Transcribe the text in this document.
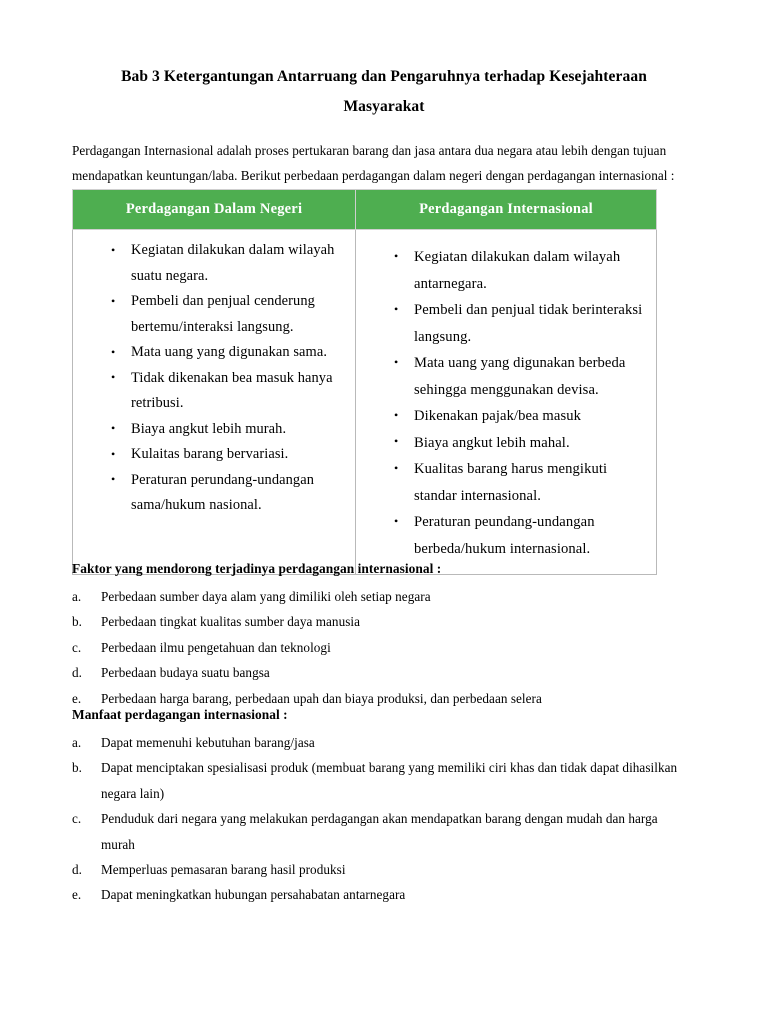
Bab 3 Ketergantungan Antarruang dan Pengaruhnya terhadap Kesejahteraan Masyarakat

Perdagangan Internasional adalah proses pertukaran barang dan jasa antara dua negara atau lebih dengan tujuan mendapatkan keuntungan/laba. Berikut perbedaan perdagangan dalam negeri dengan perdagangan internasional :

Perdagangan Dalam Negeri	Perdagangan Internasional

• Kegiatan dilakukan dalam wilayah suatu negara.
• Pembeli dan penjual cenderung bertemu/interaksi langsung.
• Mata uang yang digunakan sama.
• Tidak dikenakan bea masuk hanya retribusi.
• Biaya angkut lebih murah.
• Kulaitas barang bervariasi.
• Peraturan perundang-undangan sama/hukum nasional.

• Kegiatan dilakukan dalam wilayah antarnegara.
• Pembeli dan penjual tidak berinteraksi langsung.
• Mata uang yang digunakan berbeda sehingga menggunakan devisa.
• Dikenakan pajak/bea masuk
• Biaya angkut lebih mahal.
• Kualitas barang harus mengikuti standar internasional.
• Peraturan peundang-undangan berbeda/hukum internasional.
Faktor yang mendorong terjadinya perdagangan internasional :
a.	Perbedaan sumber daya alam yang dimiliki oleh setiap negara
b.	Perbedaan tingkat kualitas sumber daya manusia
c.	Perbedaan ilmu pengetahuan dan teknologi
d.	Perbedaan budaya suatu bangsa
e.	Perbedaan harga barang, perbedaan upah dan biaya produksi, dan perbedaan selera
Manfaat perdagangan internasional :
a.	Dapat memenuhi kebutuhan barang/jasa
b.	Dapat menciptakan spesialisasi produk (membuat barang yang memiliki ciri khas dan tidak dapat dihasilkan negara lain)
c.	Penduduk dari negara yang melakukan perdagangan akan mendapatkan barang dengan mudah dan harga murah
d.	Memperluas pemasaran barang hasil produksi
e.	Dapat meningkatkan hubungan persahabatan antarnegara
